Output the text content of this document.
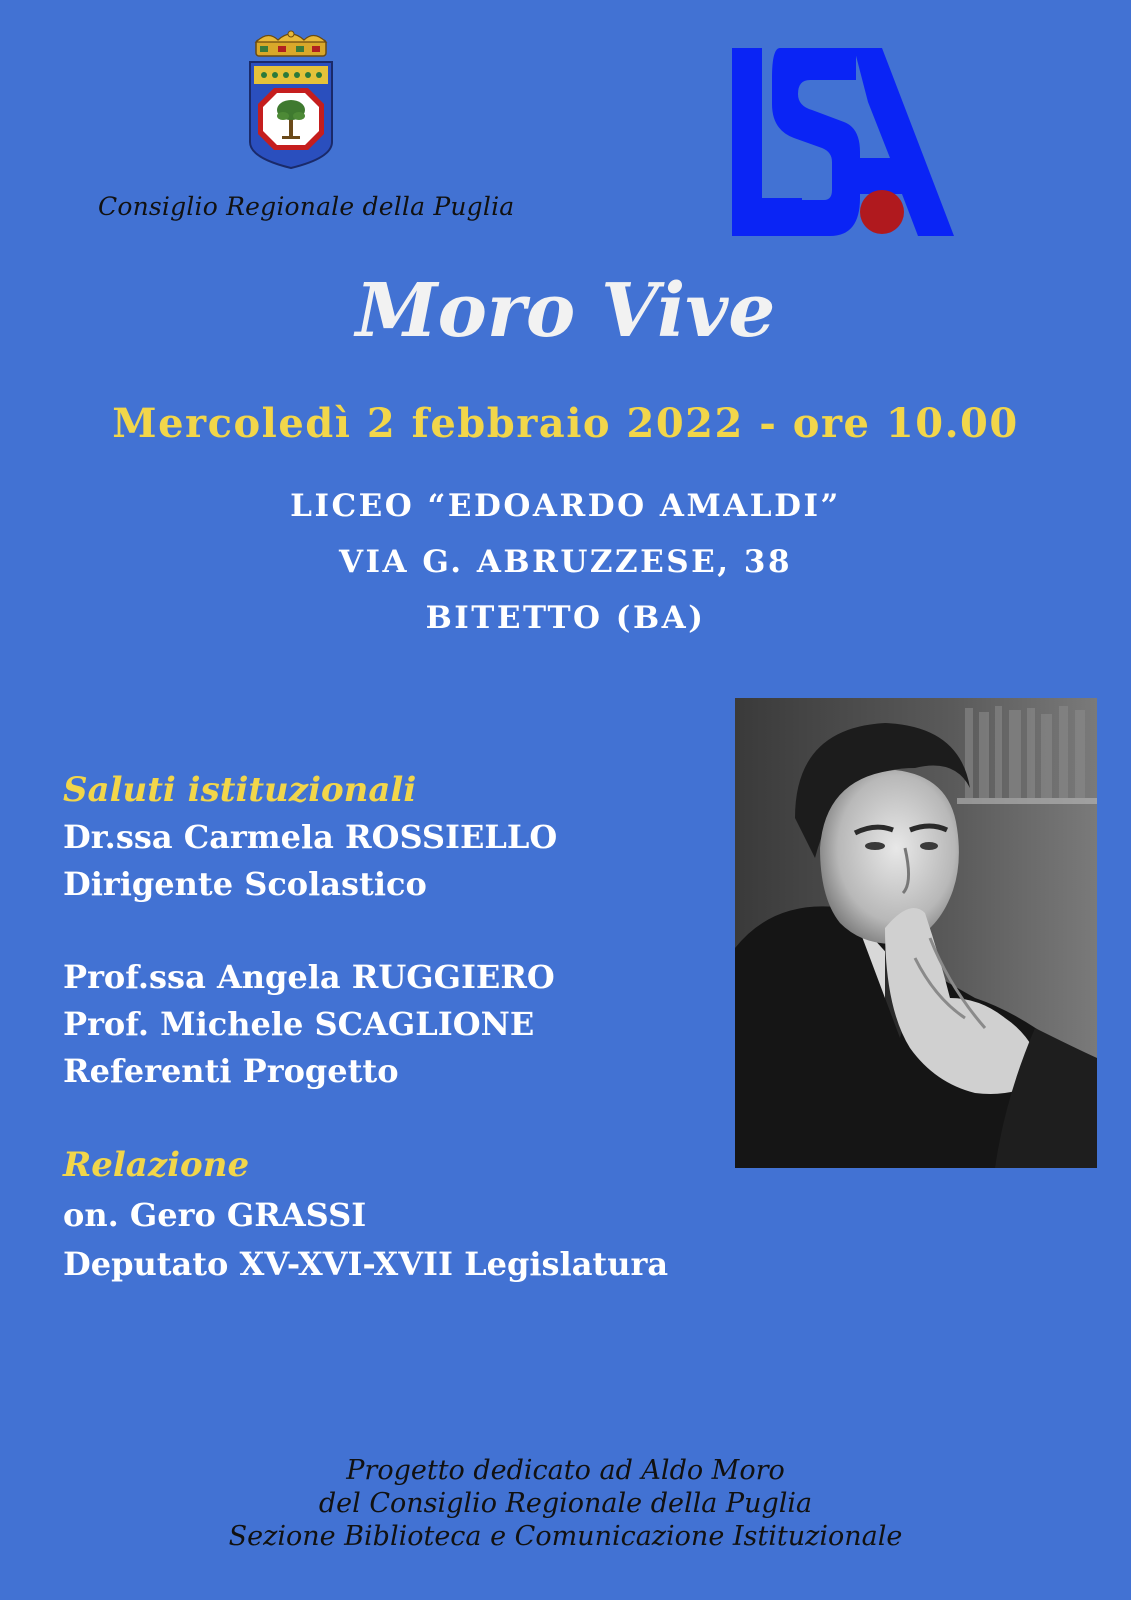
Consiglio Regionale della Puglia
Moro Vive
Mercoledì 2 febbraio 2022 - ore 10.00
LICEO “EDOARDO AMALDI”
VIA G. ABRUZZESE, 38
BITETTO (BA)
Saluti istituzionali
Dr.ssa Carmela ROSSIELLO
Dirigente Scolastico
Prof.ssa Angela RUGGIERO
Prof. Michele SCAGLIONE
Referenti Progetto
Relazione
on. Gero GRASSI
Deputato XV-XVI-XVII Legislatura
Progetto dedicato ad Aldo Moro
del Consiglio Regionale della Puglia
Sezione Biblioteca e Comunicazione Istituzionale
